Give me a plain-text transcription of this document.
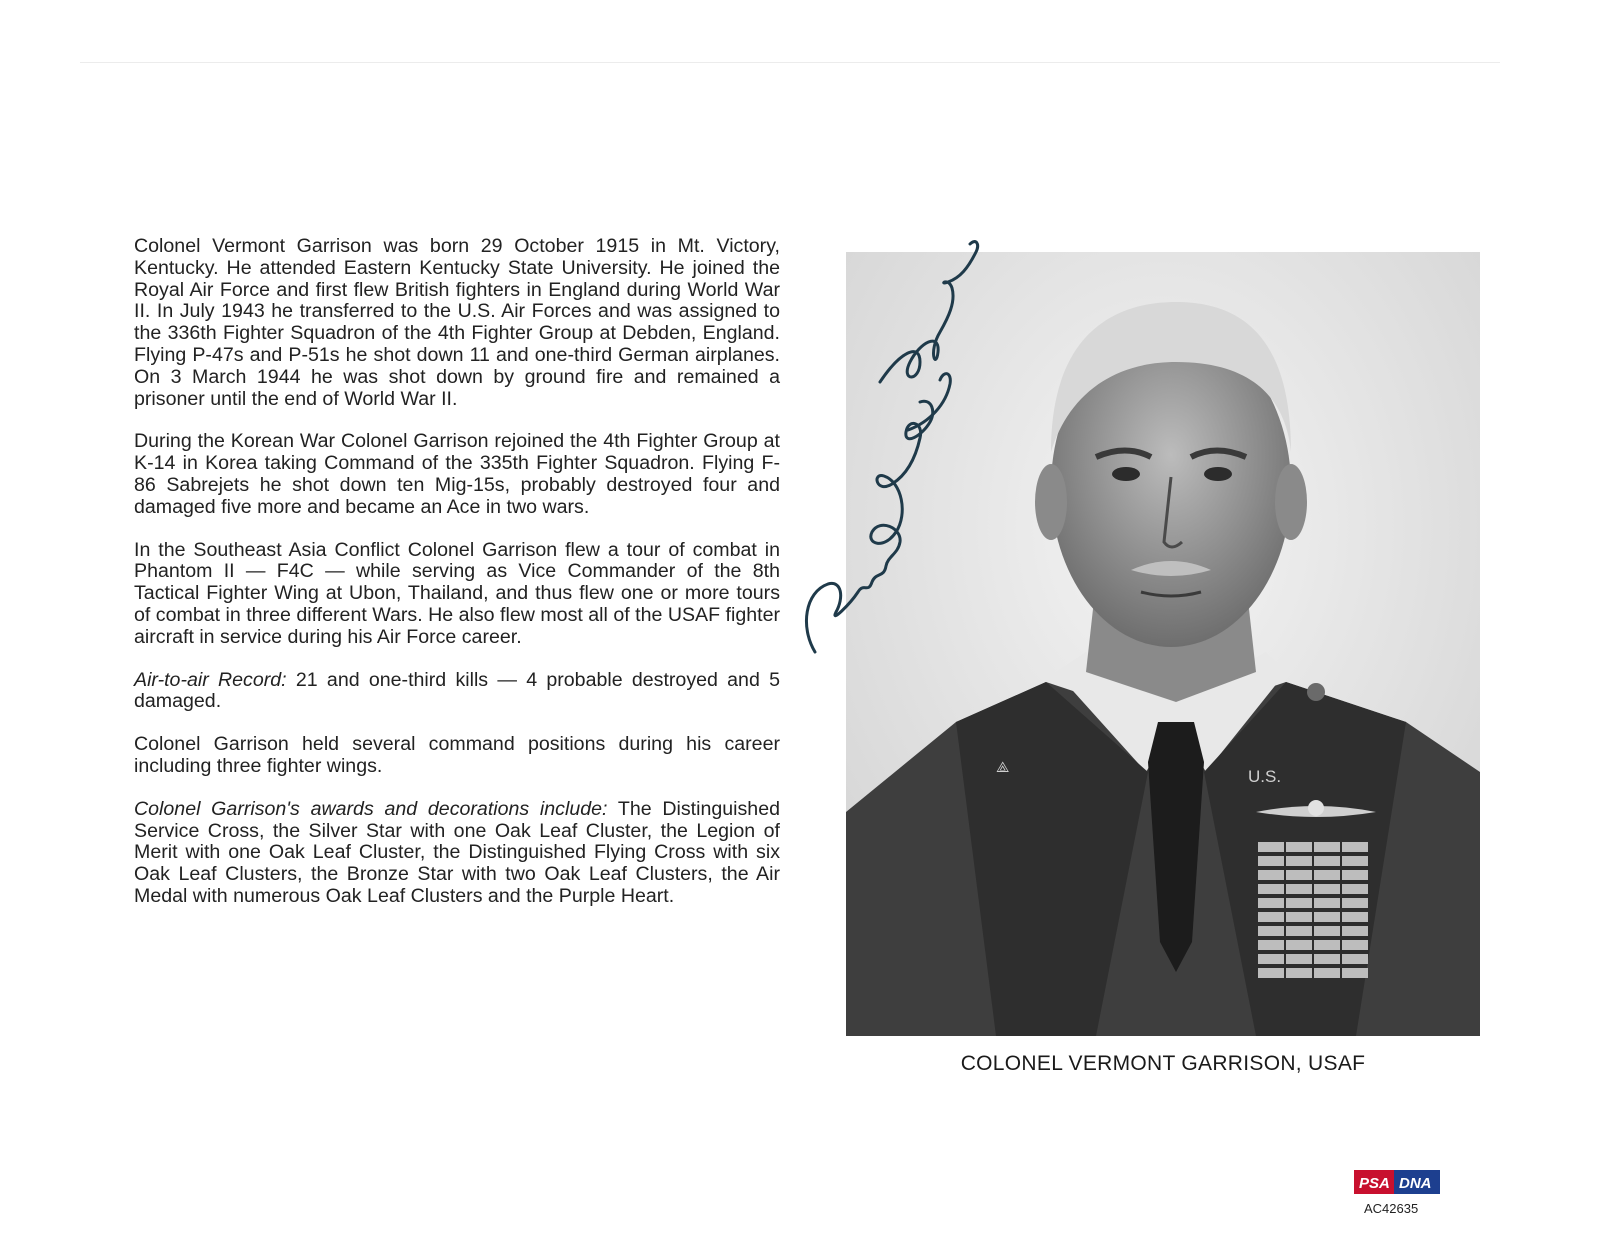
Colonel Vermont Garrison was born 29 October 1915 in Mt. Victory, Kentucky. He attended Eastern Kentucky State University. He joined the Royal Air Force and first flew British fighters in England during World War II. In July 1943 he transferred to the U.S. Air Forces and was assigned to the 336th Fighter Squadron of the 4th Fighter Group at Debden, England. Flying P-47s and P-51s he shot down 11 and one-third German airplanes. On 3 March 1944 he was shot down by ground fire and remained a prisoner until the end of World War II.

During the Korean War Colonel Garrison rejoined the 4th Fighter Group at K-14 in Korea taking Command of the 335th Fighter Squadron. Flying F-86 Sabrejets he shot down ten Mig-15s, probably destroyed four and damaged five more and became an Ace in two wars.

In the Southeast Asia Conflict Colonel Garrison flew a tour of combat in Phantom II — F4C — while serving as Vice Commander of the 8th Tactical Fighter Wing at Ubon, Thailand, and thus flew one or more tours of combat in three different Wars. He also flew most all of the USAF fighter aircraft in service during his Air Force career.

Air-to-air Record: 21 and one-third kills — 4 probable destroyed and 5 damaged.

Colonel Garrison held several command positions during his career including three fighter wings.

Colonel Garrison's awards and decorations include: The Distinguished Service Cross, the Silver Star with one Oak Leaf Cluster, the Legion of Merit with one Oak Leaf Cluster, the Distinguished Flying Cross with six Oak Leaf Clusters, the Bronze Star with two Oak Leaf Clusters, the Air Medal with numerous Oak Leaf Clusters and the Purple Heart.

⟁	U.S.
Vermont Garrison
COLONEL VERMONT GARRISON, USAF
PSA DNA
AC42635
